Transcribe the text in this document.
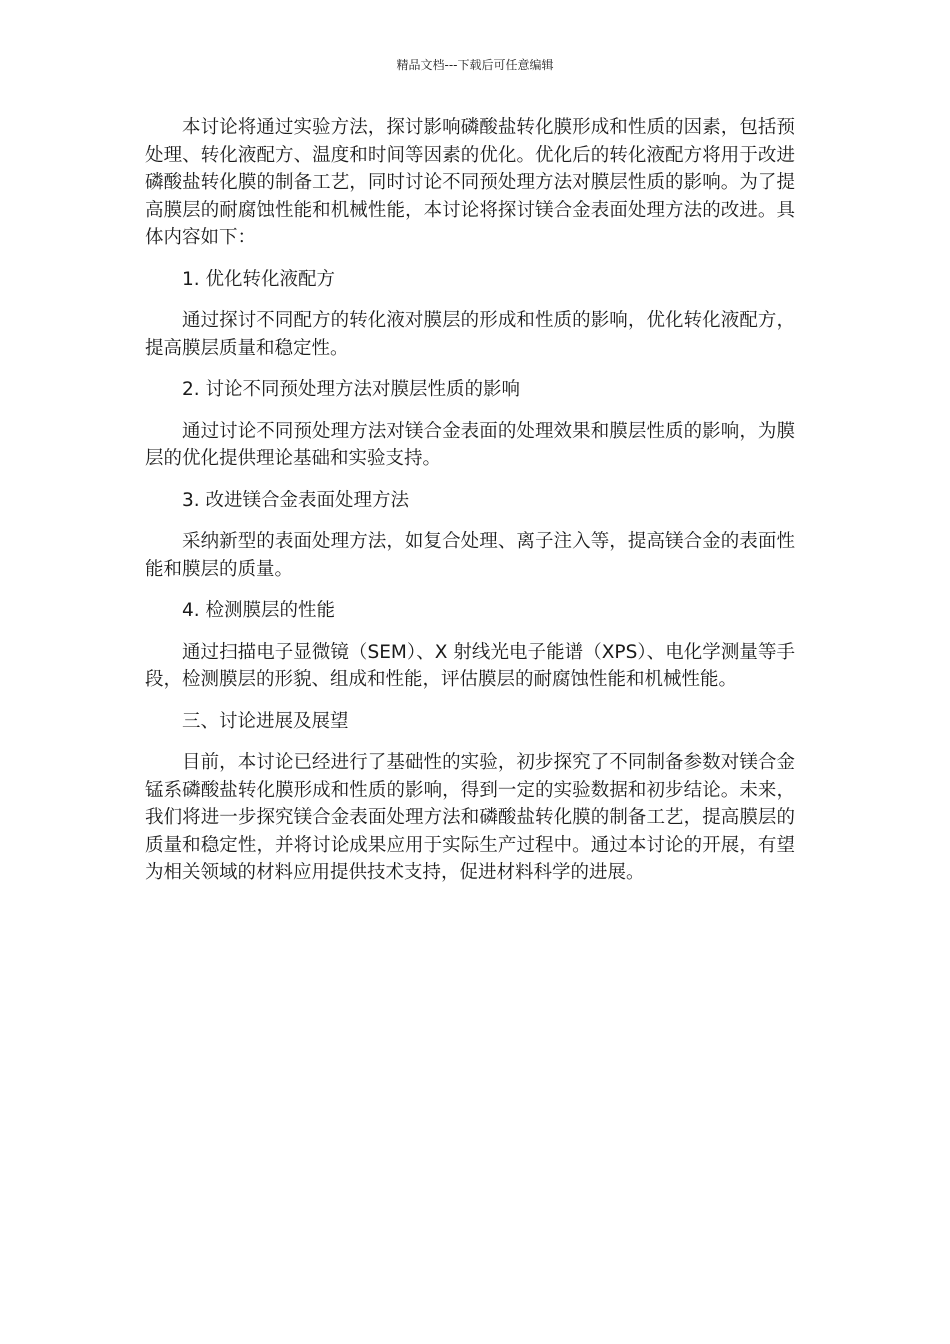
精品文档---下载后可任意编辑

本讨论将通过实验方法，探讨影响磷酸盐转化膜形成和性质的因素，包括预处理、转化液配方、温度和时间等因素的优化。优化后的转化液配方将用于改进磷酸盐转化膜的制备工艺，同时讨论不同预处理方法对膜层性质的影响。为了提高膜层的耐腐蚀性能和机械性能，本讨论将探讨镁合金表面处理方法的改进。具体内容如下：

1. 优化转化液配方

通过探讨不同配方的转化液对膜层的形成和性质的影响，优化转化液配方，提高膜层质量和稳定性。

2. 讨论不同预处理方法对膜层性质的影响

通过讨论不同预处理方法对镁合金表面的处理效果和膜层性质的影响，为膜层的优化提供理论基础和实验支持。

3. 改进镁合金表面处理方法

采纳新型的表面处理方法，如复合处理、离子注入等，提高镁合金的表面性能和膜层的质量。

4. 检测膜层的性能

通过扫描电子显微镜（SEM）、X 射线光电子能谱（XPS）、电化学测量等手段，检测膜层的形貌、组成和性能，评估膜层的耐腐蚀性能和机械性能。

三、讨论进展及展望

目前，本讨论已经进行了基础性的实验，初步探究了不同制备参数对镁合金锰系磷酸盐转化膜形成和性质的影响，得到一定的实验数据和初步结论。未来，我们将进一步探究镁合金表面处理方法和磷酸盐转化膜的制备工艺，提高膜层的质量和稳定性，并将讨论成果应用于实际生产过程中。通过本讨论的开展，有望为相关领域的材料应用提供技术支持，促进材料科学的进展。
